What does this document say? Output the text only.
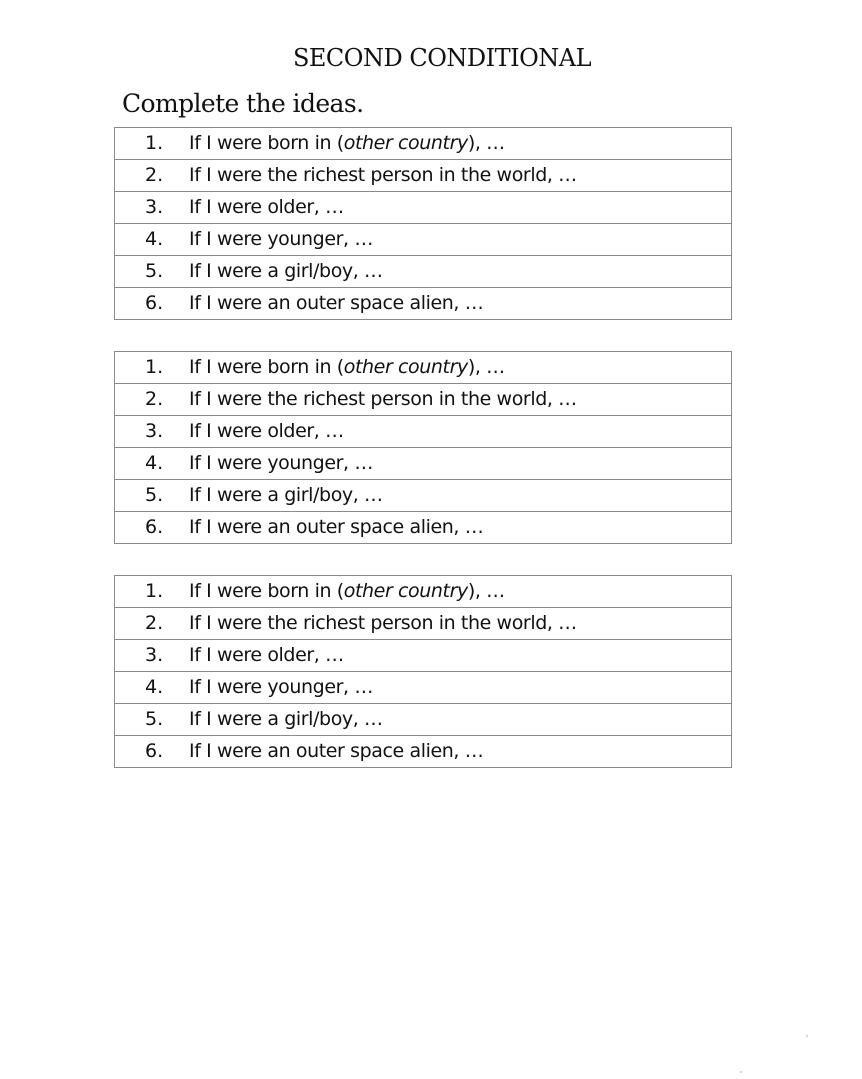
SECOND CONDITIONAL
Complete the ideas.
1. If I were born in (other country), …
2. If I were the richest person in the world, …
3. If I were older, …
4. If I were younger, …
5. If I were a girl/boy, …
6. If I were an outer space alien, …
1. If I were born in (other country), …
2. If I were the richest person in the world, …
3. If I were older, …
4. If I were younger, …
5. If I were a girl/boy, …
6. If I were an outer space alien, …
1. If I were born in (other country), …
2. If I were the richest person in the world, …
3. If I were older, …
4. If I were younger, …
5. If I were a girl/boy, …
6. If I were an outer space alien, …
